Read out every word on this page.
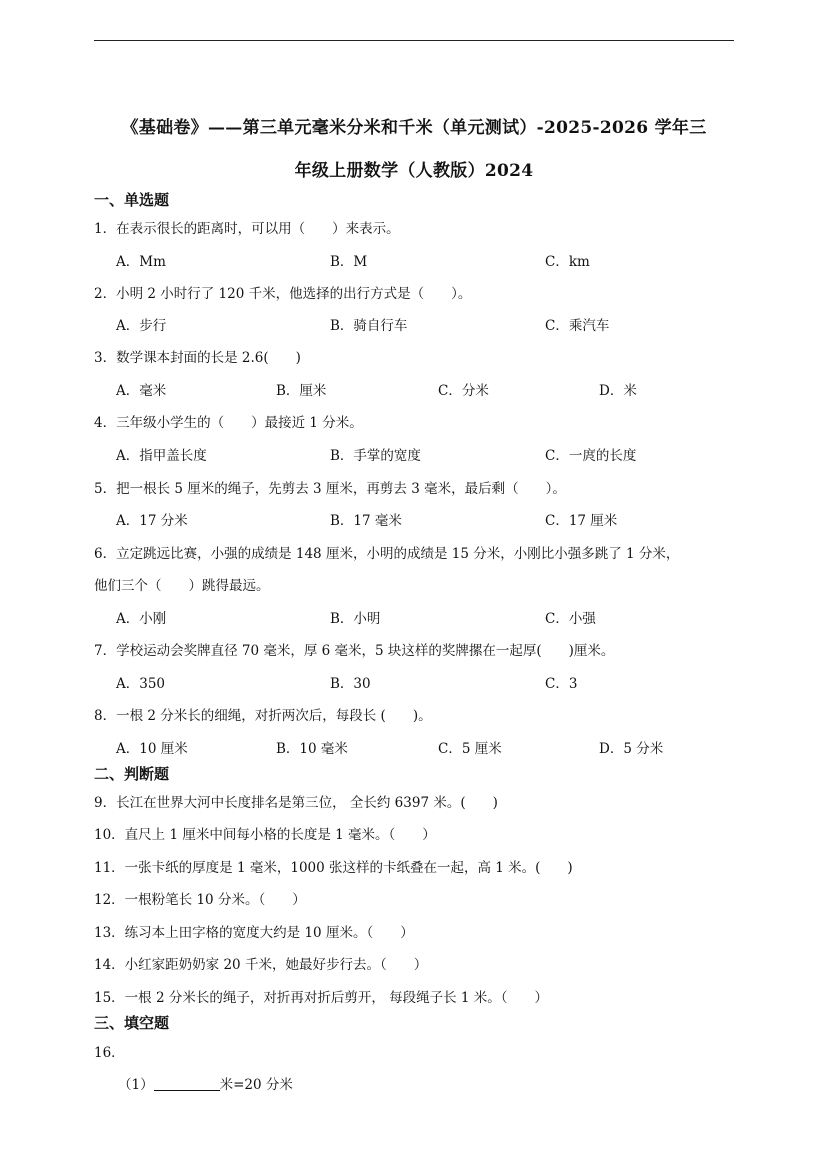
《基础卷》——第三单元毫米分米和千米（单元测试）-2025-2026 学年三
年级上册数学（人教版）2024
一、单选题
1．在表示很长的距离时，可以用（　　）来表示。
A．Mm	B．M	C．km
2．小明 2 小时行了 120 千米，他选择的出行方式是（　　）。
A．步行	B．骑自行车	C．乘汽车
3．数学课本封面的长是 2.6(　　)
A．毫米	B．厘米	C．分米	D．米
4．三年级小学生的（　　）最接近 1 分米。
A．指甲盖长度	B．手掌的宽度	C．一庹的长度
5．把一根长 5 厘米的绳子，先剪去 3 厘米，再剪去 3 毫米，最后剩（　　）。
A．17 分米	B．17 毫米	C．17 厘米
6．立定跳远比赛，小强的成绩是 148 厘米，小明的成绩是 15 分米，小刚比小强多跳了 1 分米，
他们三个（　　）跳得最远。
A．小刚	B．小明	C．小强
7．学校运动会奖牌直径 70 毫米，厚 6 毫米，5 块这样的奖牌摞在一起厚(　　)厘米。
A．350	B．30	C．3
8．一根 2 分米长的细绳，对折两次后，每段长 (　　)。
A．10 厘米	B．10 毫米	C．5 厘米	D．5 分米
二、判断题
9．长江在世界大河中长度排名是第三位， 全长约 6397 米。(　　)
10．直尺上 1 厘米中间每小格的长度是 1 毫米。（　　）
11．一张卡纸的厚度是 1 毫米，1000 张这样的卡纸叠在一起，高 1 米。(　　)
12．一根粉笔长 10 分米。（　　）
13．练习本上田字格的宽度大约是 10 厘米。（　　）
14．小红家距奶奶家 20 千米，她最好步行去。（　　）
15．一根 2 分米长的绳子，对折再对折后剪开， 每段绳子长 1 米。（　　）
三、填空题
16．
（1）	米=20 分米
